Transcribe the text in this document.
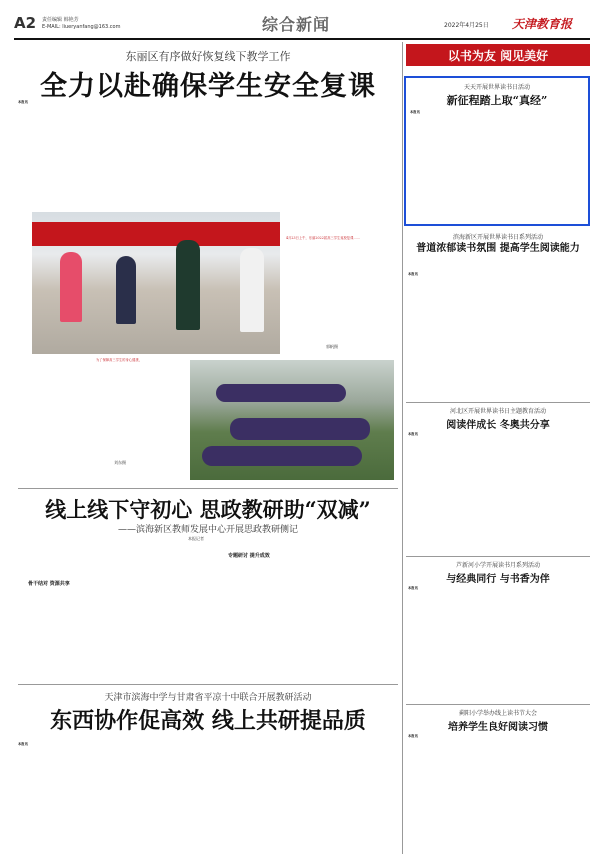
A2 责任编辑 韩艳芳
E-MAIL: liueryanfang@163.com	综合新闻	2022年4月25日 天津教育报
东丽区有序做好恢复线下教学工作
全力以赴确保学生安全复课
本报讯
4月23日上午，东丽2022届高三学生返校复课……
郭帆摄
为了保障高三学生的身心健康，
刘东摄
线上线下守初心 思政教研助“双减”
——滨海新区教师发展中心开展思政教研侧记
本报记者
骨干结对 资源共享
专题研讨 提升成效
天津市滨海中学与甘肃省平凉十中联合开展教研活动
东西协作促高效 线上共研提品质
本报讯
以书为友 阅见美好
天天开展世界读书日活动
新征程踏上取“真经”
本报讯
滨海新区开展世界读书日系列活动
普道浓郁读书氛围 提高学生阅读能力
本报讯
河北区开展世界读书日主题教育活动
阅读伴成长 冬奥共分享
本报讯
芦新河小学开展读书月系列活动
与经典同行 与书香为伴
本报讯
蓟阳小学举办线上读书节大会
培养学生良好阅读习惯
本报讯
